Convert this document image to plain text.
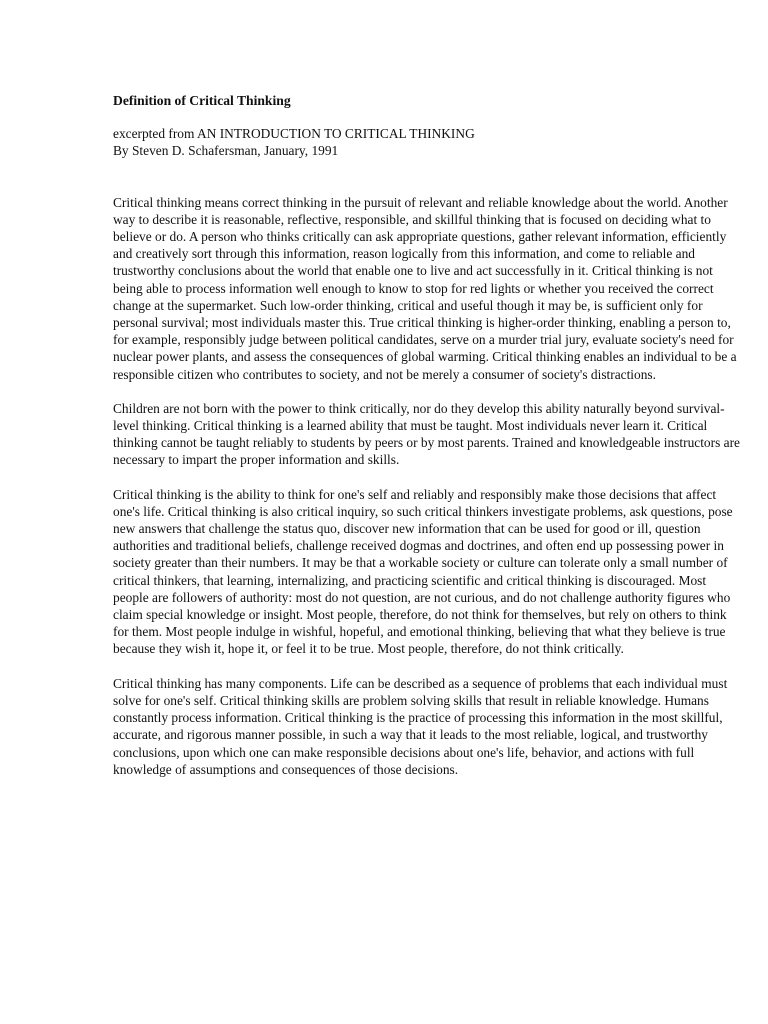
Definition of Critical Thinking

excerpted from AN INTRODUCTION TO CRITICAL THINKING

By Steven D. Schafersman, January, 1991

Critical thinking means correct thinking in the pursuit of relevant and reliable knowledge about the world. Another way to describe it is reasonable, reflective, responsible, and skillful thinking that is focused on deciding what to believe or do. A person who thinks critically can ask appropriate questions, gather relevant information, efficiently and creatively sort through this information, reason logically from this information, and come to reliable and trustworthy conclusions about the world that enable one to live and act successfully in it. Critical thinking is not being able to process information well enough to know to stop for red lights or whether you received the correct change at the supermarket. Such low-order thinking, critical and useful though it may be, is sufficient only for personal survival; most individuals master this. True critical thinking is higher-order thinking, enabling a person to, for example, responsibly judge between political candidates, serve on a murder trial jury, evaluate society's need for nuclear power plants, and assess the consequences of global warming. Critical thinking enables an individual to be a responsible citizen who contributes to society, and not be merely a consumer of society's distractions.

Children are not born with the power to think critically, nor do they develop this ability naturally beyond survival-level thinking. Critical thinking is a learned ability that must be taught. Most individuals never learn it. Critical thinking cannot be taught reliably to students by peers or by most parents. Trained and knowledgeable instructors are necessary to impart the proper information and skills.

Critical thinking is the ability to think for one's self and reliably and responsibly make those decisions that affect one's life. Critical thinking is also critical inquiry, so such critical thinkers investigate problems, ask questions, pose new answers that challenge the status quo, discover new information that can be used for good or ill, question authorities and traditional beliefs, challenge received dogmas and doctrines, and often end up possessing power in society greater than their numbers. It may be that a workable society or culture can tolerate only a small number of critical thinkers, that learning, internalizing, and practicing scientific and critical thinking is discouraged. Most people are followers of authority: most do not question, are not curious, and do not challenge authority figures who claim special knowledge or insight. Most people, therefore, do not think for themselves, but rely on others to think for them. Most people indulge in wishful, hopeful, and emotional thinking, believing that what they believe is true because they wish it, hope it, or feel it to be true. Most people, therefore, do not think critically.

Critical thinking has many components. Life can be described as a sequence of problems that each individual must solve for one's self. Critical thinking skills are problem solving skills that result in reliable knowledge. Humans constantly process information. Critical thinking is the practice of processing this information in the most skillful, accurate, and rigorous manner possible, in such a way that it leads to the most reliable, logical, and trustworthy conclusions, upon which one can make responsible decisions about one's life, behavior, and actions with full knowledge of assumptions and consequences of those decisions.
